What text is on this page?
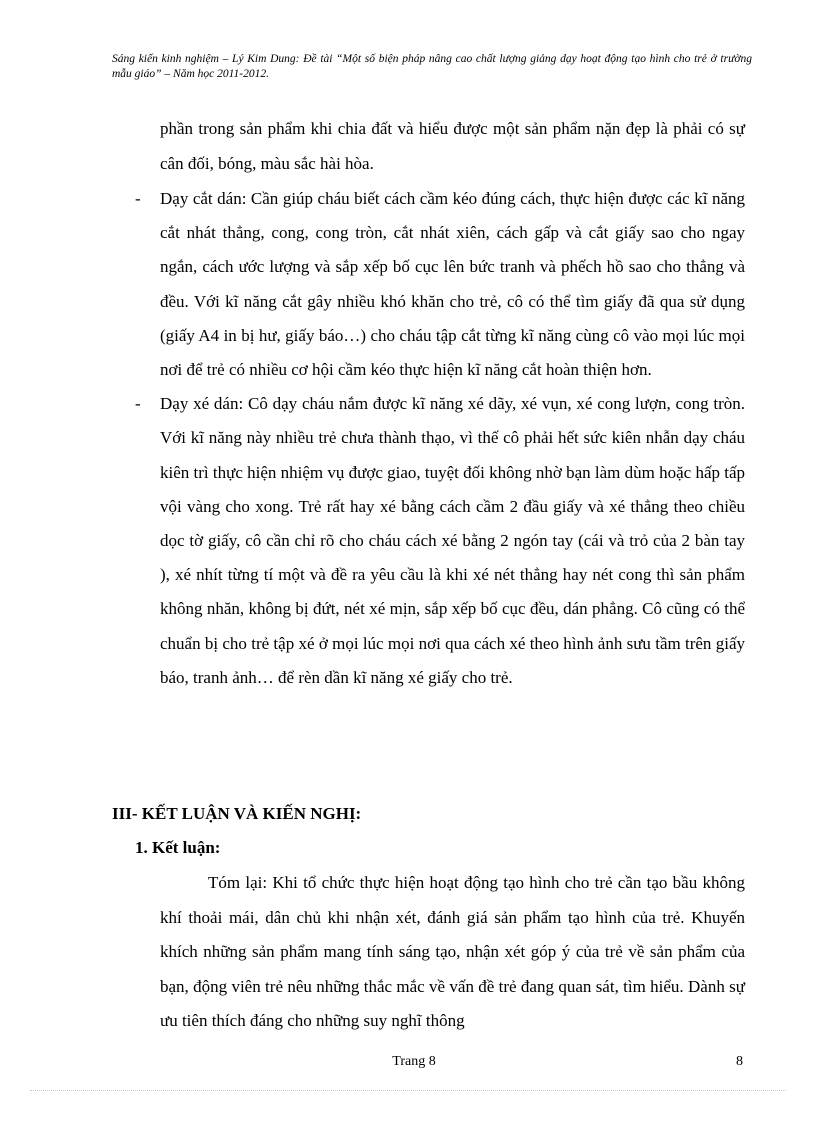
Sáng kiến kinh nghiệm – Lý Kim Dung: Đề tài “Một số biện pháp nâng cao chất lượng giảng dạy hoạt động tạo hình cho trẻ ở trường mẫu giáo” – Năm học 2011-2012.
phần trong sản phẩm khi chia đất và hiểu được một sản phẩm nặn đẹp là phải có sự cân đối, bóng, màu sắc hài hòa.
- Dạy cắt dán: Cần giúp cháu biết cách cầm kéo đúng cách, thực hiện được các kĩ năng cắt nhát thẳng, cong, cong tròn, cắt nhát xiên, cách gấp và cắt giấy sao cho ngay ngắn, cách ước lượng và sắp xếp bố cục lên bức tranh và phếch hồ sao cho thẳng và đều. Với kĩ năng cắt gây nhiều khó khăn cho trẻ, cô có thể tìm giấy đã qua sử dụng (giấy A4 in bị hư, giấy báo…) cho cháu tập cắt từng kĩ năng cùng cô vào mọi lúc mọi nơi để trẻ có nhiều cơ hội cầm kéo thực hiện kĩ năng cắt hoàn thiện hơn.
- Dạy xé dán: Cô dạy cháu nắm được kĩ năng xé dãy, xé vụn, xé cong lượn, cong tròn. Với kĩ năng này nhiều trẻ chưa thành thạo, vì thế cô phải hết sức kiên nhẫn dạy cháu kiên trì thực hiện nhiệm vụ được giao, tuyệt đối không nhờ bạn làm dùm hoặc hấp tấp vội vàng cho xong. Trẻ rất hay xé bằng cách cầm 2 đầu giấy và xé thẳng theo chiều dọc tờ giấy, cô cần chỉ rõ cho cháu cách xé bằng 2 ngón tay (cái và trỏ của 2 bàn tay ), xé nhít từng tí một và đề ra yêu cầu là khi xé nét thẳng hay nét cong thì sản phẩm không nhăn, không bị đứt, nét xé mịn, sắp xếp bố cục đều, dán phẳng. Cô cũng có thể chuẩn bị cho trẻ tập xé ở mọi lúc mọi nơi qua cách xé theo hình ảnh sưu tầm trên giấy báo, tranh ảnh… để rèn dần kĩ năng xé giấy cho trẻ.
III- KẾT LUẬN VÀ KIẾN NGHỊ:
1. Kết luận:
Tóm lại: Khi tổ chức thực hiện hoạt động tạo hình cho trẻ cần tạo bầu không khí thoải mái, dân chủ khi nhận xét, đánh giá sản phẩm tạo hình của trẻ. Khuyến khích những sản phẩm mang tính sáng tạo, nhận xét góp ý của trẻ về sản phẩm của bạn, động viên trẻ nêu những thắc mắc về vấn đề trẻ đang quan sát, tìm hiểu. Dành sự ưu tiên thích đáng cho những suy nghĩ thông
Trang 8	8
